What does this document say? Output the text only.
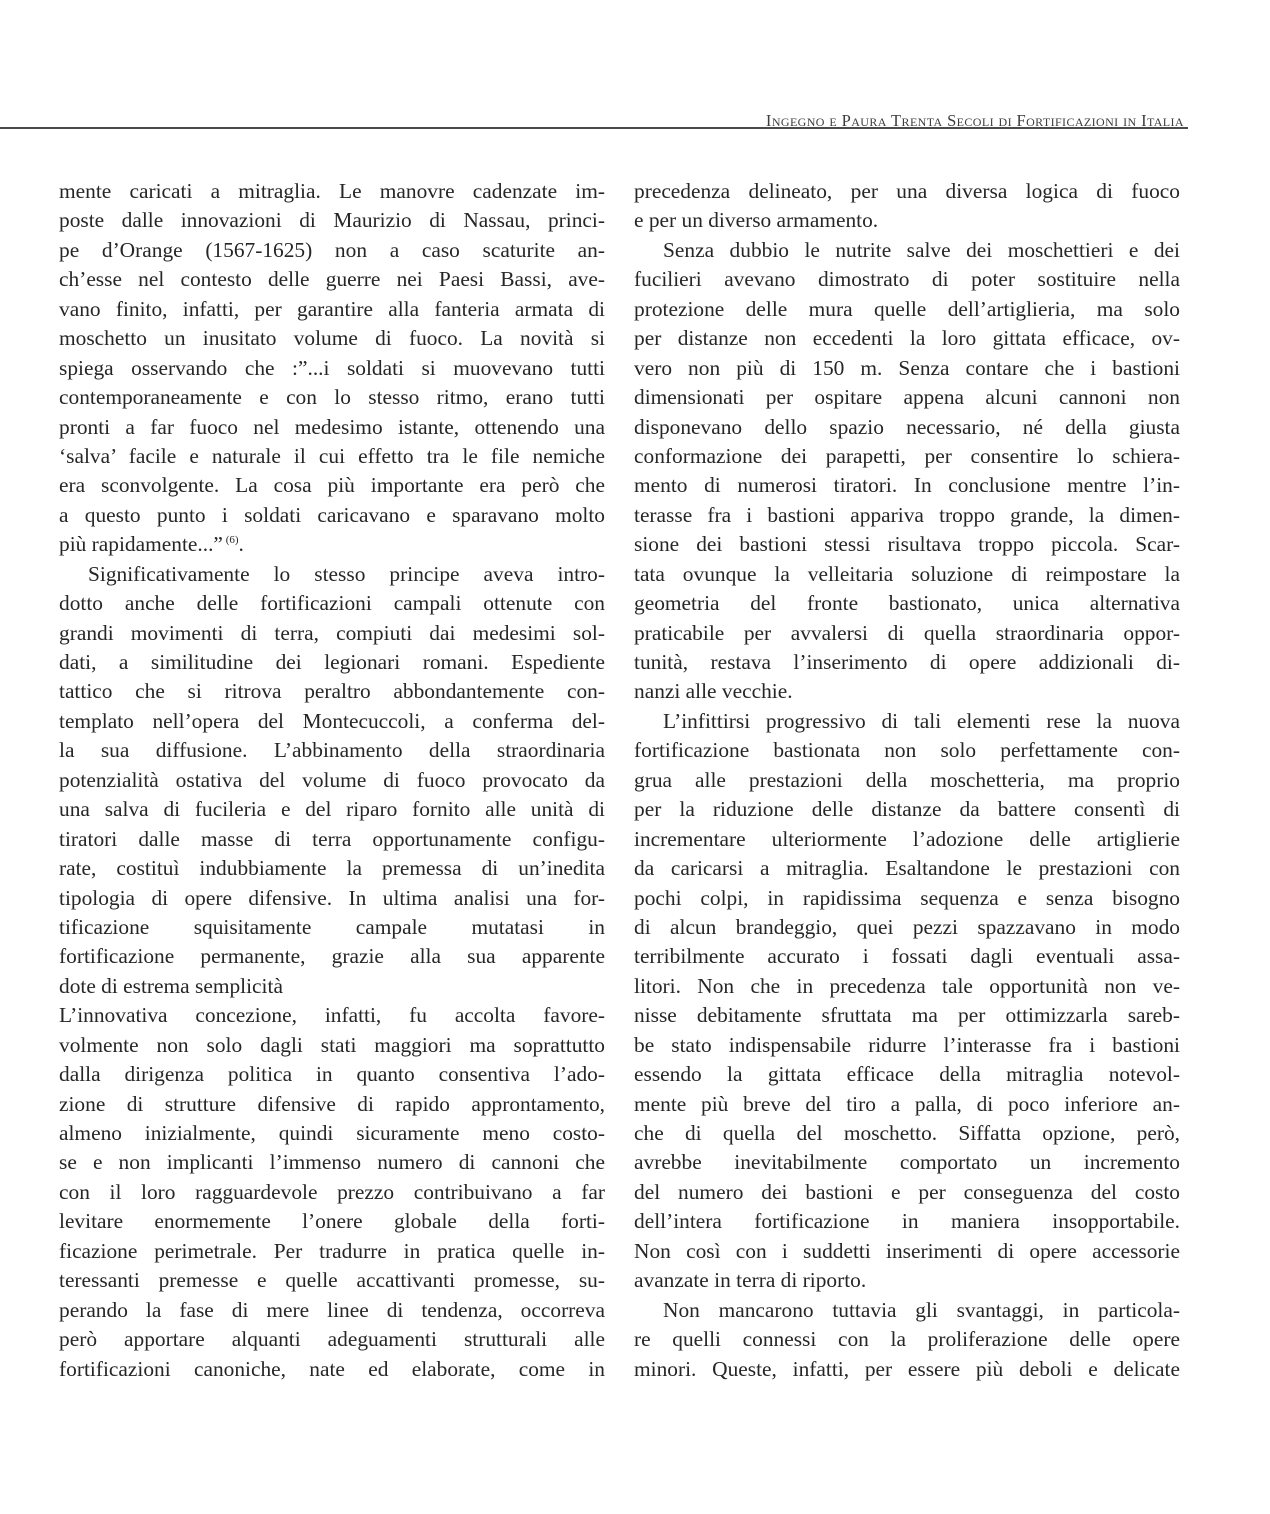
Ingegno e Paura Trenta Secoli di Fortificazioni in Italia

mente caricati a mitraglia. Le manovre cadenzate im-
poste dalle innovazioni di Maurizio di Nassau, princi-
pe d’Orange (1567-1625) non a caso scaturite an-
ch’esse nel contesto delle guerre nei Paesi Bassi, ave-
vano finito, infatti, per garantire alla fanteria armata di
moschetto un inusitato volume di fuoco. La novità si
spiega osservando che :”...i soldati si muovevano tutti
contemporaneamente e con lo stesso ritmo, erano tutti
pronti a far fuoco nel medesimo istante, ottenendo una
‘salva’ facile e naturale il cui effetto tra le file nemiche
era sconvolgente. La cosa più importante era però che
a questo punto i soldati caricavano e sparavano molto
più rapidamente...” $^{(6)}$.

Significativamente lo stesso principe aveva intro-
dotto anche delle fortificazioni campali ottenute con
grandi movimenti di terra, compiuti dai medesimi sol-
dati, a similitudine dei legionari romani. Espediente
tattico che si ritrova peraltro abbondantemente con-
templato nell’opera del Montecuccoli, a conferma del-
la sua diffusione. L’abbinamento della straordinaria
potenzialità ostativa del volume di fuoco provocato da
una salva di fucileria e del riparo fornito alle unità di
tiratori dalle masse di terra opportunamente configu-
rate, costituì indubbiamente la premessa di un’inedita
tipologia di opere difensive. In ultima analisi una for-
tificazione squisitamente campale mutatasi in
fortificazione permanente, grazie alla sua apparente
dote di estrema semplicità

L’innovativa concezione, infatti, fu accolta favore-
volmente non solo dagli stati maggiori ma soprattutto
dalla dirigenza politica in quanto consentiva l’ado-
zione di strutture difensive di rapido approntamento,
almeno inizialmente, quindi sicuramente meno costo-
se e non implicanti l’immenso numero di cannoni che
con il loro ragguardevole prezzo contribuivano a far
levitare enormemente l’onere globale della forti-
ficazione perimetrale. Per tradurre in pratica quelle in-
teressanti premesse e quelle accattivanti promesse, su-
perando la fase di mere linee di tendenza, occorreva
però apportare alquanti adeguamenti strutturali alle
fortificazioni canoniche, nate ed elaborate, come in

precedenza delineato, per una diversa logica di fuoco
e per un diverso armamento.

Senza dubbio le nutrite salve dei moschettieri e dei
fucilieri avevano dimostrato di poter sostituire nella
protezione delle mura quelle dell’artiglieria, ma solo
per distanze non eccedenti la loro gittata efficace, ov-
vero non più di 150 m. Senza contare che i bastioni
dimensionati per ospitare appena alcuni cannoni non
disponevano dello spazio necessario, né della giusta
conformazione dei parapetti, per consentire lo schiera-
mento di numerosi tiratori. In conclusione mentre l’in-
terasse fra i bastioni appariva troppo grande, la dimen-
sione dei bastioni stessi risultava troppo piccola. Scar-
tata ovunque la velleitaria soluzione di reimpostare la
geometria del fronte bastionato, unica alternativa
praticabile per avvalersi di quella straordinaria oppor-
tunità, restava l’inserimento di opere addizionali di-
nanzi alle vecchie.

L’infittirsi progressivo di tali elementi rese la nuova
fortificazione bastionata non solo perfettamente con-
grua alle prestazioni della moschetteria, ma proprio
per la riduzione delle distanze da battere consentì di
incrementare ulteriormente l’adozione delle artiglierie
da caricarsi a mitraglia. Esaltandone le prestazioni con
pochi colpi, in rapidissima sequenza e senza bisogno
di alcun brandeggio, quei pezzi spazzavano in modo
terribilmente accurato i fossati dagli eventuali assa-
litori. Non che in precedenza tale opportunità non ve-
nisse debitamente sfruttata ma per ottimizzarla sareb-
be stato indispensabile ridurre l’interasse fra i bastioni
essendo la gittata efficace della mitraglia notevol-
mente più breve del tiro a palla, di poco inferiore an-
che di quella del moschetto. Siffatta opzione, però,
avrebbe inevitabilmente comportato un incremento
del numero dei bastioni e per conseguenza del costo
dell’intera fortificazione in maniera insopportabile.
Non così con i suddetti inserimenti di opere accessorie
avanzate in terra di riporto.

Non mancarono tuttavia gli svantaggi, in particola-
re quelli connessi con la proliferazione delle opere
minori. Queste, infatti, per essere più deboli e delicate
